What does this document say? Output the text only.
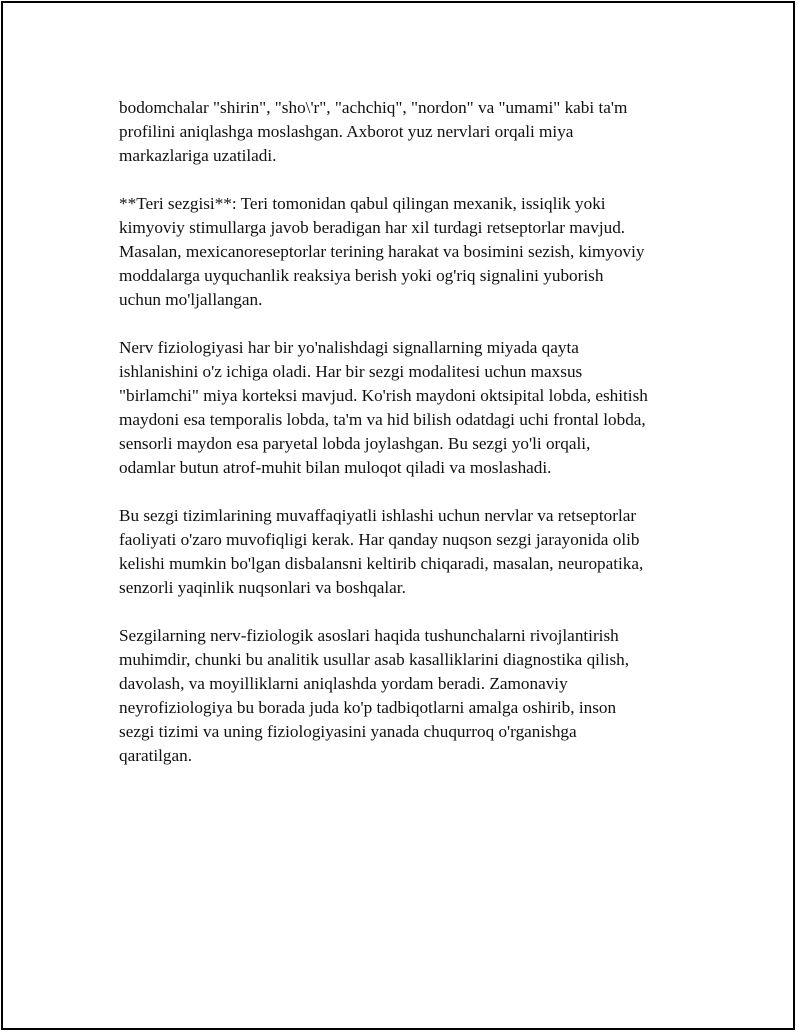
bodomchalar "shirin", "sho\'r", "achchiq", "nordon" va "umami" kabi ta'm
profilini aniqlashga moslashgan. Axborot yuz nervlari orqali miya
markazlariga uzatiladi.

**Teri sezgisi**: Teri tomonidan qabul qilingan mexanik, issiqlik yoki
kimyoviy stimullarga javob beradigan har xil turdagi retseptorlar mavjud.
Masalan, mexicanoreseptorlar terining harakat va bosimini sezish, kimyoviy
moddalarga uyquchanlik reaksiya berish yoki og'riq signalini yuborish
uchun mo'ljallangan.

Nerv fiziologiyasi har bir yo'nalishdagi signallarning miyada qayta
ishlanishini o'z ichiga oladi. Har bir sezgi modalitesi uchun maxsus
"birlamchi" miya korteksi mavjud. Ko'rish maydoni oktsipital lobda, eshitish
maydoni esa temporalis lobda, ta'm va hid bilish odatdagi uchi frontal lobda,
sensorli maydon esa paryetal lobda joylashgan. Bu sezgi yo'li orqali,
odamlar butun atrof-muhit bilan muloqot qiladi va moslashadi.

Bu sezgi tizimlarining muvaffaqiyatli ishlashi uchun nervlar va retseptorlar
faoliyati o'zaro muvofiqligi kerak. Har qanday nuqson sezgi jarayonida olib
kelishi mumkin bo'lgan disbalansni keltirib chiqaradi, masalan, neuropatika,
senzorli yaqinlik nuqsonlari va boshqalar.

Sezgilarning nerv-fiziologik asoslari haqida tushunchalarni rivojlantirish
muhimdir, chunki bu analitik usullar asab kasalliklarini diagnostika qilish,
davolash, va moyilliklarni aniqlashda yordam beradi. Zamonaviy
neyrofiziologiya bu borada juda ko'p tadbiqotlarni amalga oshirib, inson
sezgi tizimi va uning fiziologiyasini yanada chuqurroq o'rganishga
qaratilgan.
